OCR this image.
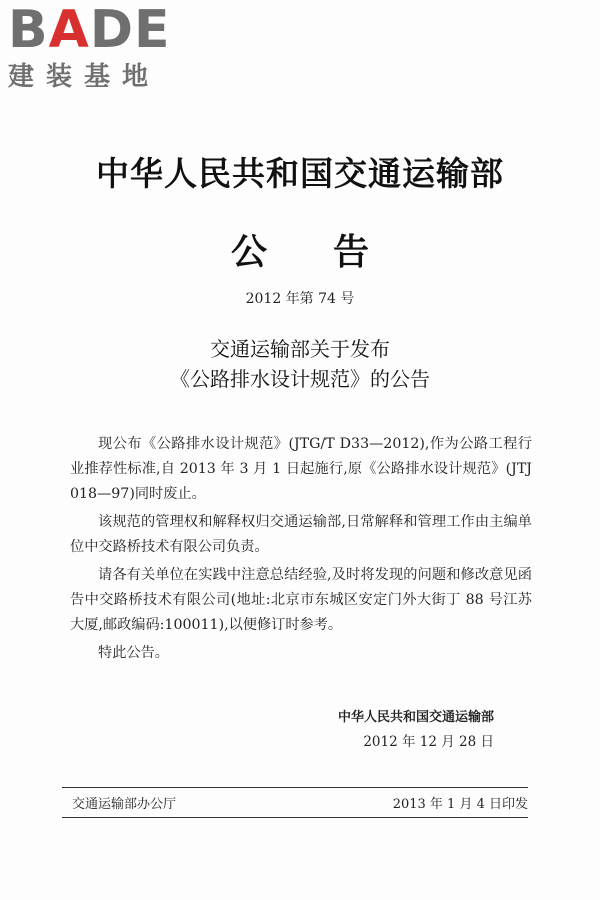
B A DE
建装基地
中华人民共和国交通运输部
公 告
2012 年第 74 号
交通运输部关于发布
《公路排水设计规范》的公告

现公布《公路排水设计规范》(JTG/T D33—2012),作为公路工程行业推荐性标准,自 2013 年 3 月 1 日起施行,原《公路排水设计规范》(JTJ 018—97)同时废止。

该规范的管理权和解释权归交通运输部,日常解释和管理工作由主编单位中交路桥技术有限公司负责。

请各有关单位在实践中注意总结经验,及时将发现的问题和修改意见函告中交路桥技术有限公司(地址:北京市东城区安定门外大街丁 88 号江苏大厦,邮政编码:100011),以便修订时参考。

特此公告。

中华人民共和国交通运输部
2012 年 12 月 28 日
交通运输部办公厅	2013 年 1 月 4 日印发
